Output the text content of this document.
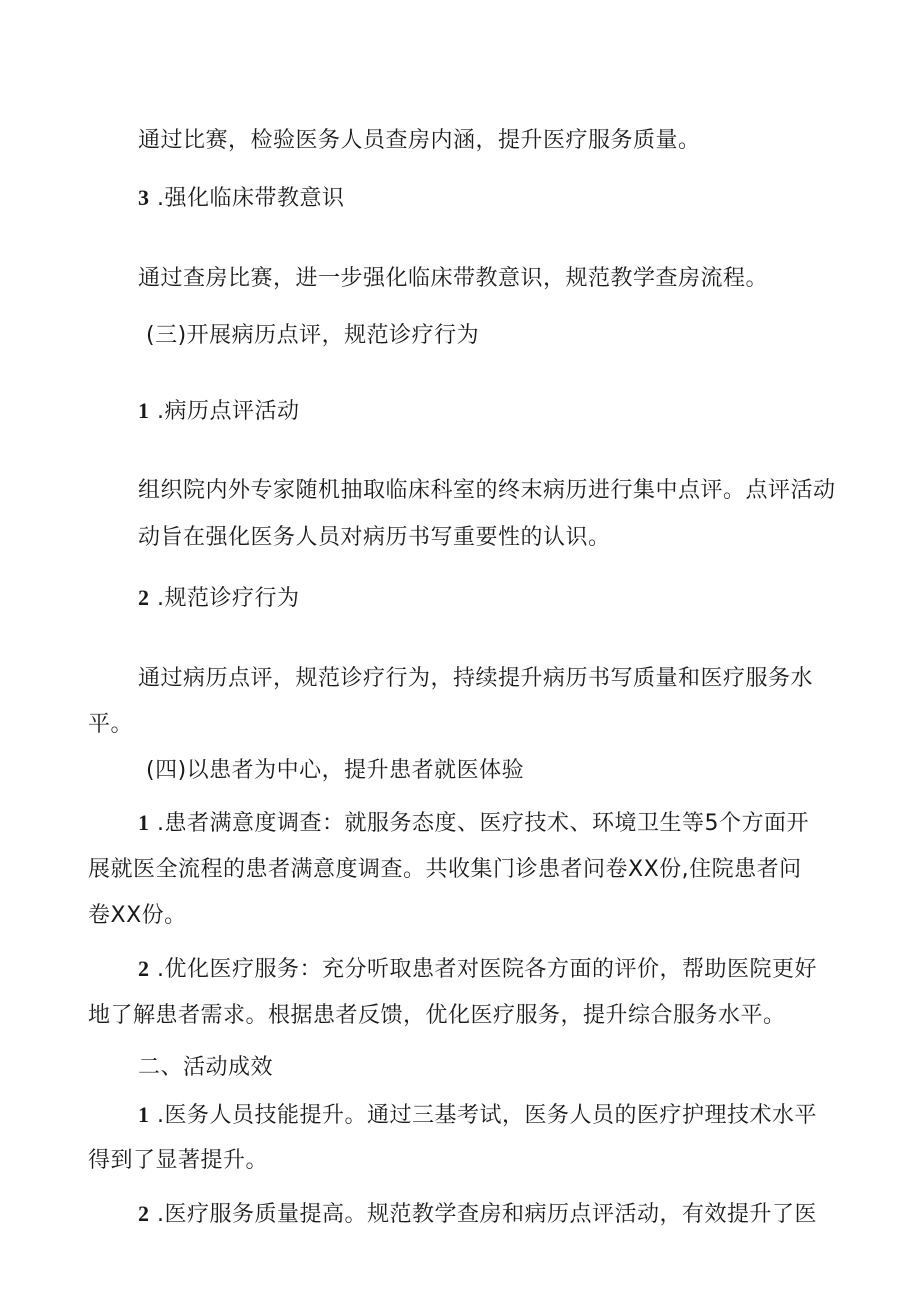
通过比赛，检验医务人员查房内涵，提升医疗服务质量。

3 .强化临床带教意识

通过查房比赛，进一步强化临床带教意识，规范教学查房流程。

(三)开展病历点评，规范诊疗行为

1 .病历点评活动

组织院内外专家随机抽取临床科室的终末病历进行集中点评。点评活动

动旨在强化医务人员对病历书写重要性的认识。

2 .规范诊疗行为

通过病历点评，规范诊疗行为，持续提升病历书写质量和医疗服务水

平。

(四)以患者为中心，提升患者就医体验

1 .患者满意度调查：就服务态度、医疗技术、环境卫生等5个方面开

展就医全流程的患者满意度调查。共收集门诊患者问卷XX份,住院患者问

卷XX份。

2 .优化医疗服务：充分听取患者对医院各方面的评价，帮助医院更好

地了解患者需求。根据患者反馈，优化医疗服务，提升综合服务水平。

二、活动成效

1 .医务人员技能提升。通过三基考试，医务人员的医疗护理技术水平

得到了显著提升。

2 .医疗服务质量提高。规范教学查房和病历点评活动，有效提升了医
